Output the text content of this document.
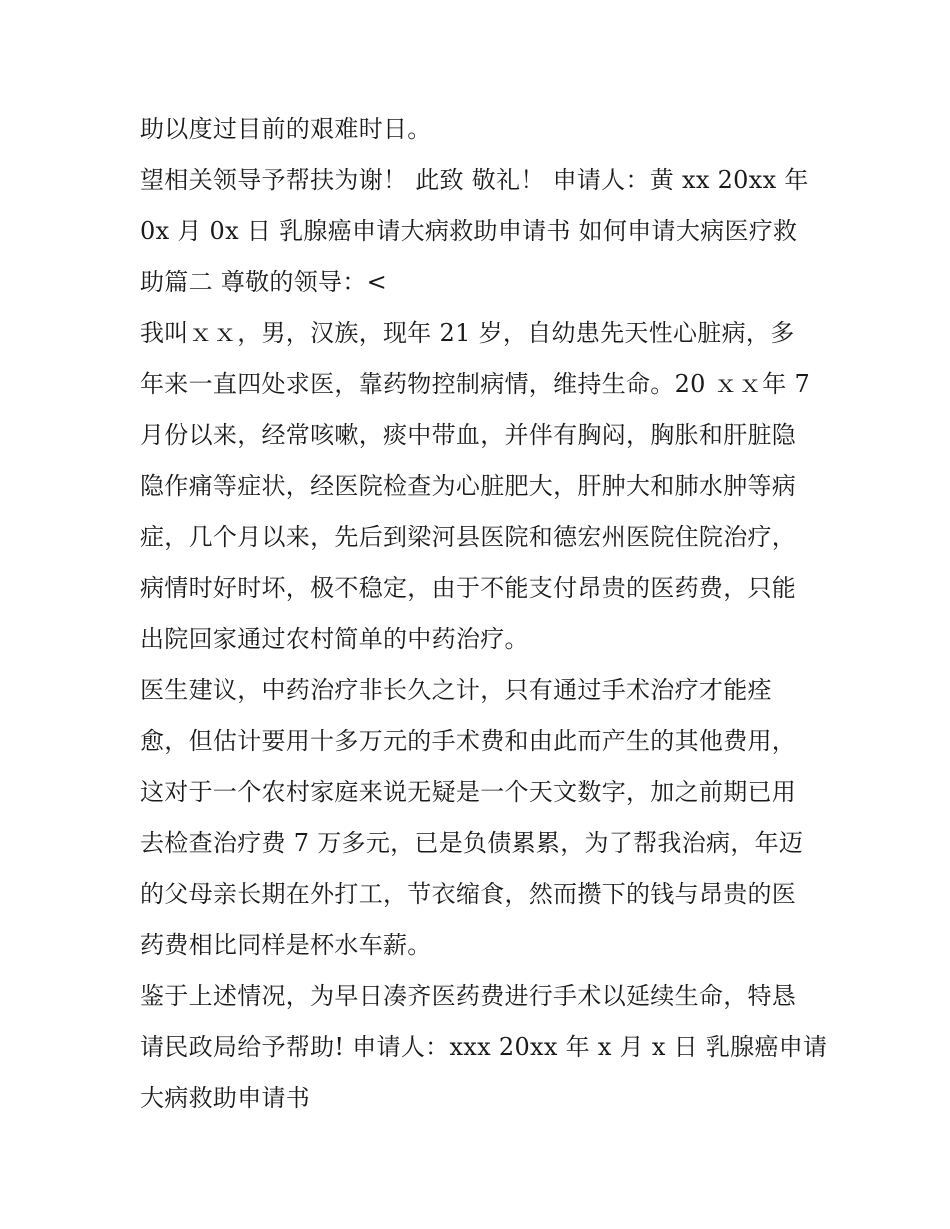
助以度过目前的艰难时日。
望相关领导予帮扶为谢！ 此致 敬礼！ 申请人：黄 xx 20xx 年
0x 月 0x 日 乳腺癌申请大病救助申请书 如何申请大病医疗救
助篇二 尊敬的领导：<
我叫ｘｘ，男，汉族，现年 21 岁，自幼患先天性心脏病，多
年来一直四处求医，靠药物控制病情，维持生命。20 ｘｘ年 7
月份以来，经常咳嗽，痰中带血，并伴有胸闷，胸胀和肝脏隐
隐作痛等症状，经医院检查为心脏肥大，肝肿大和肺水肿等病
症，几个月以来，先后到梁河县医院和德宏州医院住院治疗，
病情时好时坏，极不稳定，由于不能支付昂贵的医药费，只能
出院回家通过农村简单的中药治疗。
医生建议，中药治疗非长久之计，只有通过手术治疗才能痊
愈，但估计要用十多万元的手术费和由此而产生的其他费用，
这对于一个农村家庭来说无疑是一个天文数字，加之前期已用
去检查治疗费 7 万多元，已是负债累累，为了帮我治病，年迈
的父母亲长期在外打工，节衣缩食，然而攒下的钱与昂贵的医
药费相比同样是杯水车薪。
鉴于上述情况，为早日凑齐医药费进行手术以延续生命，特恳
请民政局给予帮助! 申请人：xxx 20xx 年 x 月 x 日 乳腺癌申请
大病救助申请书
